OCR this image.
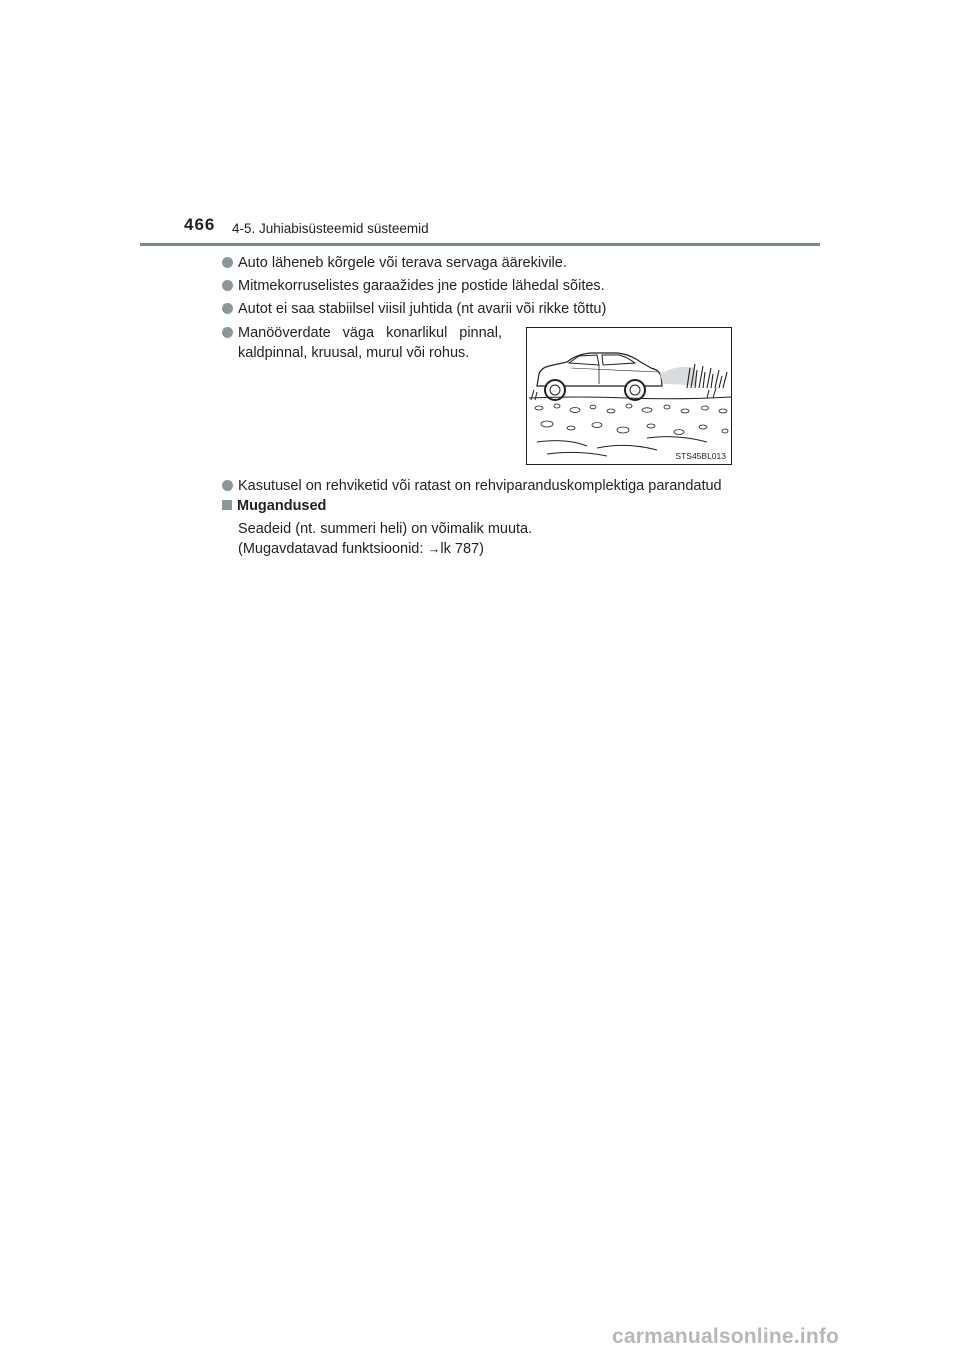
466 4-5. Juhiabisüsteemid süsteemid
Auto läheneb kõrgele või terava servaga äärekivile.
Mitmekorruselistes garaažides jne postide lähedal sõites.
Autot ei saa stabiilsel viisil juhtida (nt avarii või rikke tõttu)
Manööverdate väga konarlikul pinnal,
kaldpinnal, kruusal, murul või rohus.
STS45BL013
Kasutusel on rehviketid või ratast on rehviparanduskomplektiga parandatud
Mugandused
Seadeid (nt. summeri heli) on võimalik muuta.
(Mugavdatavad funktsioonid: →lk 787)
carmanualsonline.info
